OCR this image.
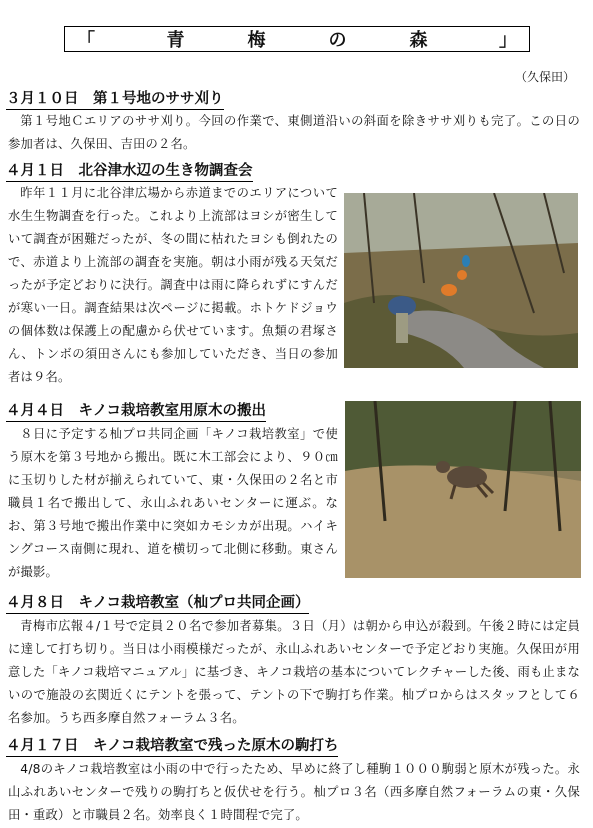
「	青	梅	の	森	」
（久保田）
３月１０日　第１号地のササ刈り
第１号地Ｃエリアのササ刈り。今回の作業で、東側道沿いの斜面を除きササ刈りも完了。この日の参加者は、久保田、吉田の２名。
４月１日　北谷津水辺の生き物調査会
昨年１１月に北谷津広場から赤道までのエリアについて水生生物調査を行った。これより上流部はヨシが密生していて調査が困難だったが、冬の間に枯れたヨシも倒れたので、赤道より上流部の調査を実施。朝は小雨が残る天気だったが予定どおりに決行。調査中は雨に降られずにすんだが寒い一日。調査結果は次ページに掲載。ホトケドジョウの個体数は保護上の配慮から伏せています。魚類の君塚さん、トンボの須田さんにも参加していただき、当日の参加者は９名。
４月４日　キノコ栽培教室用原木の搬出
８日に予定する杣プロ共同企画「キノコ栽培教室」で使う原木を第３号地から搬出。既に木工部会により、９０㎝に玉切りした材が揃えられていて、東・久保田の２名と市職員１名で搬出して、永山ふれあいセンターに運ぶ。なお、第３号地で搬出作業中に突如カモシカが出現。ハイキングコース南側に現れ、道を横切って北側に移動。東さんが撮影。
４月８日　キノコ栽培教室（杣プロ共同企画）
青梅市広報４/１号で定員２０名で参加者募集。３日（月）は朝から申込が殺到。午後２時には定員に達して打ち切り。当日は小雨模様だったが、永山ふれあいセンターで予定どおり実施。久保田が用意した「キノコ栽培マニュアル」に基づき、キノコ栽培の基本についてレクチャーした後、雨も止まないので施設の玄関近くにテントを張って、テントの下で駒打ち作業。杣プロからはスタッフとして６名参加。うち西多摩自然フォーラム３名。
４月１７日　キノコ栽培教室で残った原木の駒打ち
4/8のキノコ栽培教室は小雨の中で行ったため、早めに終了し種駒１０００駒弱と原木が残った。永山ふれあいセンターで残りの駒打ちと仮伏せを行う。杣プロ３名（西多摩自然フォーラムの東・久保田・重政）と市職員２名。効率良く１時間程で完了。
